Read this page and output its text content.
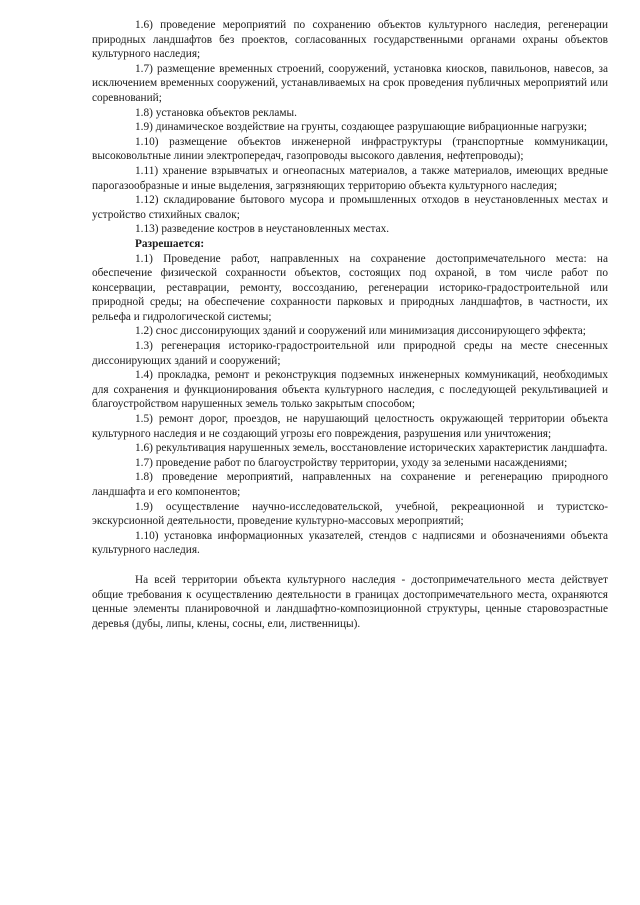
1.6) проведение мероприятий по сохранению объектов культурного наследия, регенерации природных ландшафтов без проектов, согласованных государственными органами охраны объектов культурного наследия;

1.7) размещение временных строений, сооружений, установка киосков, павильонов, навесов, за исключением временных сооружений, устанавливаемых на срок проведения публичных мероприятий или соревнований;

1.8) установка объектов рекламы.

1.9) динамическое воздействие на грунты, создающее разрушающие вибрационные нагрузки;

1.10) размещение объектов инженерной инфраструктуры (транспортные коммуникации, высоковольтные линии электропередач, газопроводы высокого давления, нефтепроводы);

1.11) хранение взрывчатых и огнеопасных материалов, а также материалов, имеющих вредные парогазообразные и иные выделения, загрязняющих территорию объекта культурного наследия;

1.12) складирование бытового мусора и промышленных отходов в неустановленных местах и устройство стихийных свалок;

1.13) разведение костров в неустановленных местах.

Разрешается:

1.1) Проведение работ, направленных на сохранение достопримечательного места: на обеспечение физической сохранности объектов, состоящих под охраной, в том числе работ по консервации, реставрации, ремонту, воссозданию, регенерации историко-градостроительной или природной среды; на обеспечение сохранности парковых и природных ландшафтов, в частности, их рельефа и гидрологической системы;

1.2) снос диссонирующих зданий и сооружений или минимизация диссонирующего эффекта;

1.3) регенерация историко-градостроительной или природной среды на месте снесенных диссонирующих зданий и сооружений;

1.4) прокладка, ремонт и реконструкция подземных инженерных коммуникаций, необходимых для сохранения и функционирования объекта культурного наследия, с последующей рекультивацией и благоустройством нарушенных земель только закрытым способом;

1.5) ремонт дорог, проездов, не нарушающий целостность окружающей территории объекта культурного наследия и не создающий угрозы его повреждения, разрушения или уничтожения;

1.6) рекультивация нарушенных земель, восстановление исторических характеристик ландшафта.

1.7) проведение работ по благоустройству территории, уходу за зелеными насаждениями;

1.8) проведение мероприятий, направленных на сохранение и регенерацию природного ландшафта и его компонентов;

1.9) осуществление научно-исследовательской, учебной, рекреационной и туристско-экскурсионной деятельности, проведение культурно-массовых мероприятий;

1.10) установка информационных указателей, стендов с надписями и обозначениями объекта культурного наследия.

На всей территории объекта культурного наследия - достопримечательного места действует общие требования к осуществлению деятельности в границах достопримечательного места, охраняются ценные элементы планировочной и ландшафтно-композиционной структуры, ценные старовозрастные деревья (дубы, липы, клены, сосны, ели, лиственницы).
